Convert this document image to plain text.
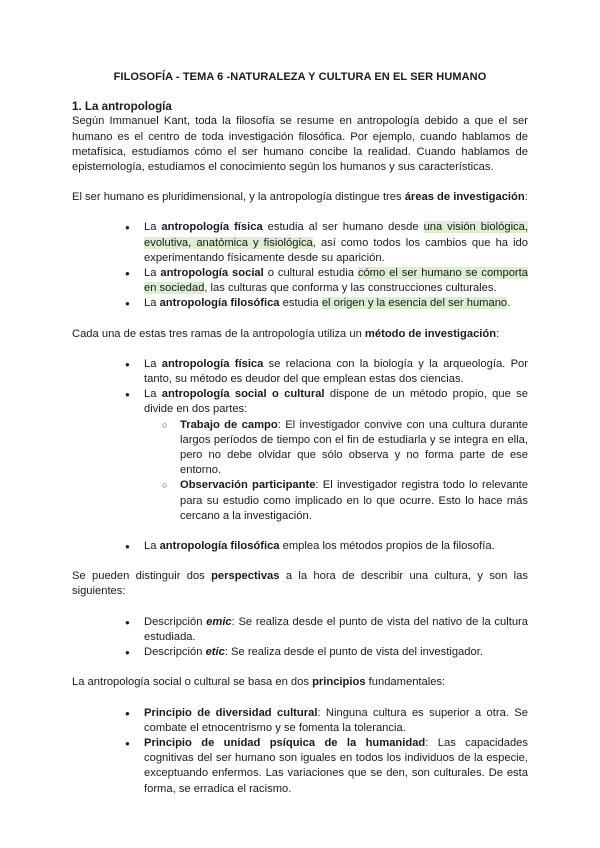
FILOSOFÍA - TEMA 6 -NATURALEZA Y CULTURA EN EL SER HUMANO
1. La antropología

Según Immanuel Kant, toda la filosofía se resume en antropología debido a que el ser humano es el centro de toda investigación filosófica. Por ejemplo, cuando hablamos de metafísica, estudiamos cómo el ser humano concibe la realidad. Cuando hablamos de epistemología, estudiamos el conocimiento según los humanos y sus características.

El ser humano es pluridimensional, y la antropología distingue tres áreas de investigación:

● La antropología física estudia al ser humano desde una visión biológica, evolutiva, anatómica y fisiológica, así como todos los cambios que ha ido experimentando físicamente desde su aparición.
● La antropología social o cultural estudia cómo el ser humano se comporta en sociedad, las culturas que conforma y las construcciones culturales.
● La antropología filosófica estudia el origen y la esencia del ser humano.

Cada una de estas tres ramas de la antropología utiliza un método de investigación:

● La antropología física se relaciona con la biología y la arqueología. Por tanto, su método es deudor del que emplean estas dos ciencias.
● La antropología social o cultural dispone de un método propio, que se divide en dos partes:
○ Trabajo de campo: El investigador convive con una cultura durante largos períodos de tiempo con el fin de estudiarla y se integra en ella, pero no debe olvidar que sólo observa y no forma parte de ese entorno.
○ Observación participante: El investigador registra todo lo relevante para su estudio como implicado en lo que ocurre. Esto lo hace más cercano a la investigación.
● La antropología filosófica emplea los métodos propios de la filosofía.

Se pueden distinguir dos perspectivas a la hora de describir una cultura, y son las siguientes:

● Descripción emic: Se realiza desde el punto de vista del nativo de la cultura estudiada.
● Descripción etic: Se realiza desde el punto de vista del investigador.

La antropología social o cultural se basa en dos principios fundamentales:

● Principio de diversidad cultural: Ninguna cultura es superior a otra. Se combate el etnocentrismo y se fomenta la tolerancia.
● Principio de unidad psíquica de la humanidad: Las capacidades cognitivas del ser humano son iguales en todos los individuos de la especie, exceptuando enfermos. Las variaciones que se den, son culturales. De esta forma, se erradica el racismo.
